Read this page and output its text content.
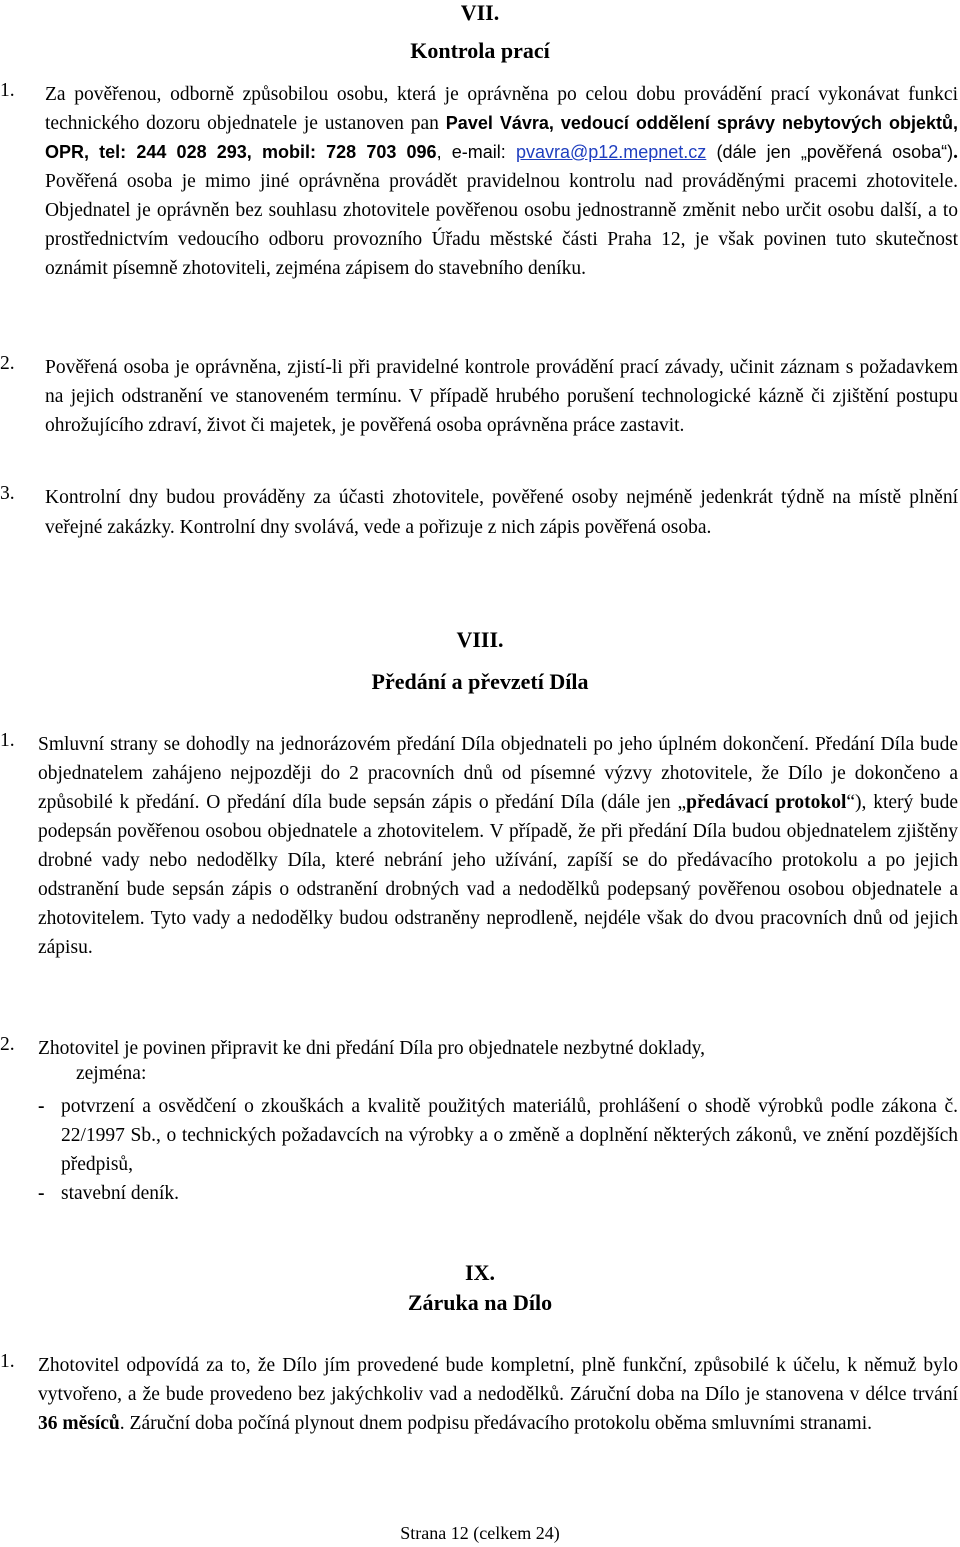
VII.
Kontrola prací
1. Za pověřenou, odborně způsobilou osobu, která je oprávněna po celou dobu provádění prací vykonávat funkci technického dozoru objednatele je ustanoven pan Pavel Vávra, vedoucí oddělení správy nebytových objektů, OPR, tel: 244 028 293, mobil: 728 703 096, e-mail: pvavra@p12.mepnet.cz (dále jen „pověřená osoba“). Pověřená osoba je mimo jiné oprávněna provádět pravidelnou kontrolu nad prováděnými pracemi zhotovitele. Objednatel je oprávněn bez souhlasu zhotovitele pověřenou osobu jednostranně změnit nebo určit osobu další, a to prostřednictvím vedoucího odboru provozního Úřadu městské části Praha 12, je však povinen tuto skutečnost oznámit písemně zhotoviteli, zejména zápisem do stavebního deníku.
2. Pověřená osoba je oprávněna, zjistí-li při pravidelné kontrole provádění prací závady, učinit záznam s požadavkem na jejich odstranění ve stanoveném termínu. V případě hrubého porušení technologické kázně či zjištění postupu ohrožujícího zdraví, život či majetek, je pověřená osoba oprávněna práce zastavit.
3. Kontrolní dny budou prováděny za účasti zhotovitele, pověřené osoby nejméně jedenkrát týdně na místě plnění veřejné zakázky. Kontrolní dny svolává, vede a pořizuje z nich zápis pověřená osoba.
VIII.
Předání a převzetí Díla
1. Smluvní strany se dohodly na jednorázovém předání Díla objednateli po jeho úplném dokončení. Předání Díla bude objednatelem zahájeno nejpozději do 2 pracovních dnů od písemné výzvy zhotovitele, že Dílo je dokončeno a způsobilé k předání. O předání díla bude sepsán zápis o předání Díla (dále jen „předávací protokol“), který bude podepsán pověřenou osobou objednatele a zhotovitelem. V případě, že při předání Díla budou objednatelem zjištěny drobné vady nebo nedodělky Díla, které nebrání jeho užívání, zapíší se do předávacího protokolu a po jejich odstranění bude sepsán zápis o odstranění drobných vad a nedodělků podepsaný pověřenou osobou objednatele a zhotovitelem. Tyto vady a nedodělky budou odstraněny neprodleně, nejdéle však do dvou pracovních dnů od jejich zápisu.
2. Zhotovitel je povinen připravit ke dni předání Díla pro objednatele nezbytné doklady,
zejména:
- potvrzení a osvědčení o zkouškách a kvalitě použitých materiálů, prohlášení o shodě výrobků podle zákona č. 22/1997 Sb., o technických požadavcích na výrobky a o změně a doplnění některých zákonů, ve znění pozdějších předpisů,
- stavební deník.
IX.
Záruka na Dílo
1. Zhotovitel odpovídá za to, že Dílo jím provedené bude kompletní, plně funkční, způsobilé k účelu, k němuž bylo vytvořeno, a že bude provedeno bez jakýchkoliv vad a nedodělků. Záruční doba na Dílo je stanovena v délce trvání 36 měsíců. Záruční doba počíná plynout dnem podpisu předávacího protokolu oběma smluvními stranami.
Strana 12 (celkem 24)
